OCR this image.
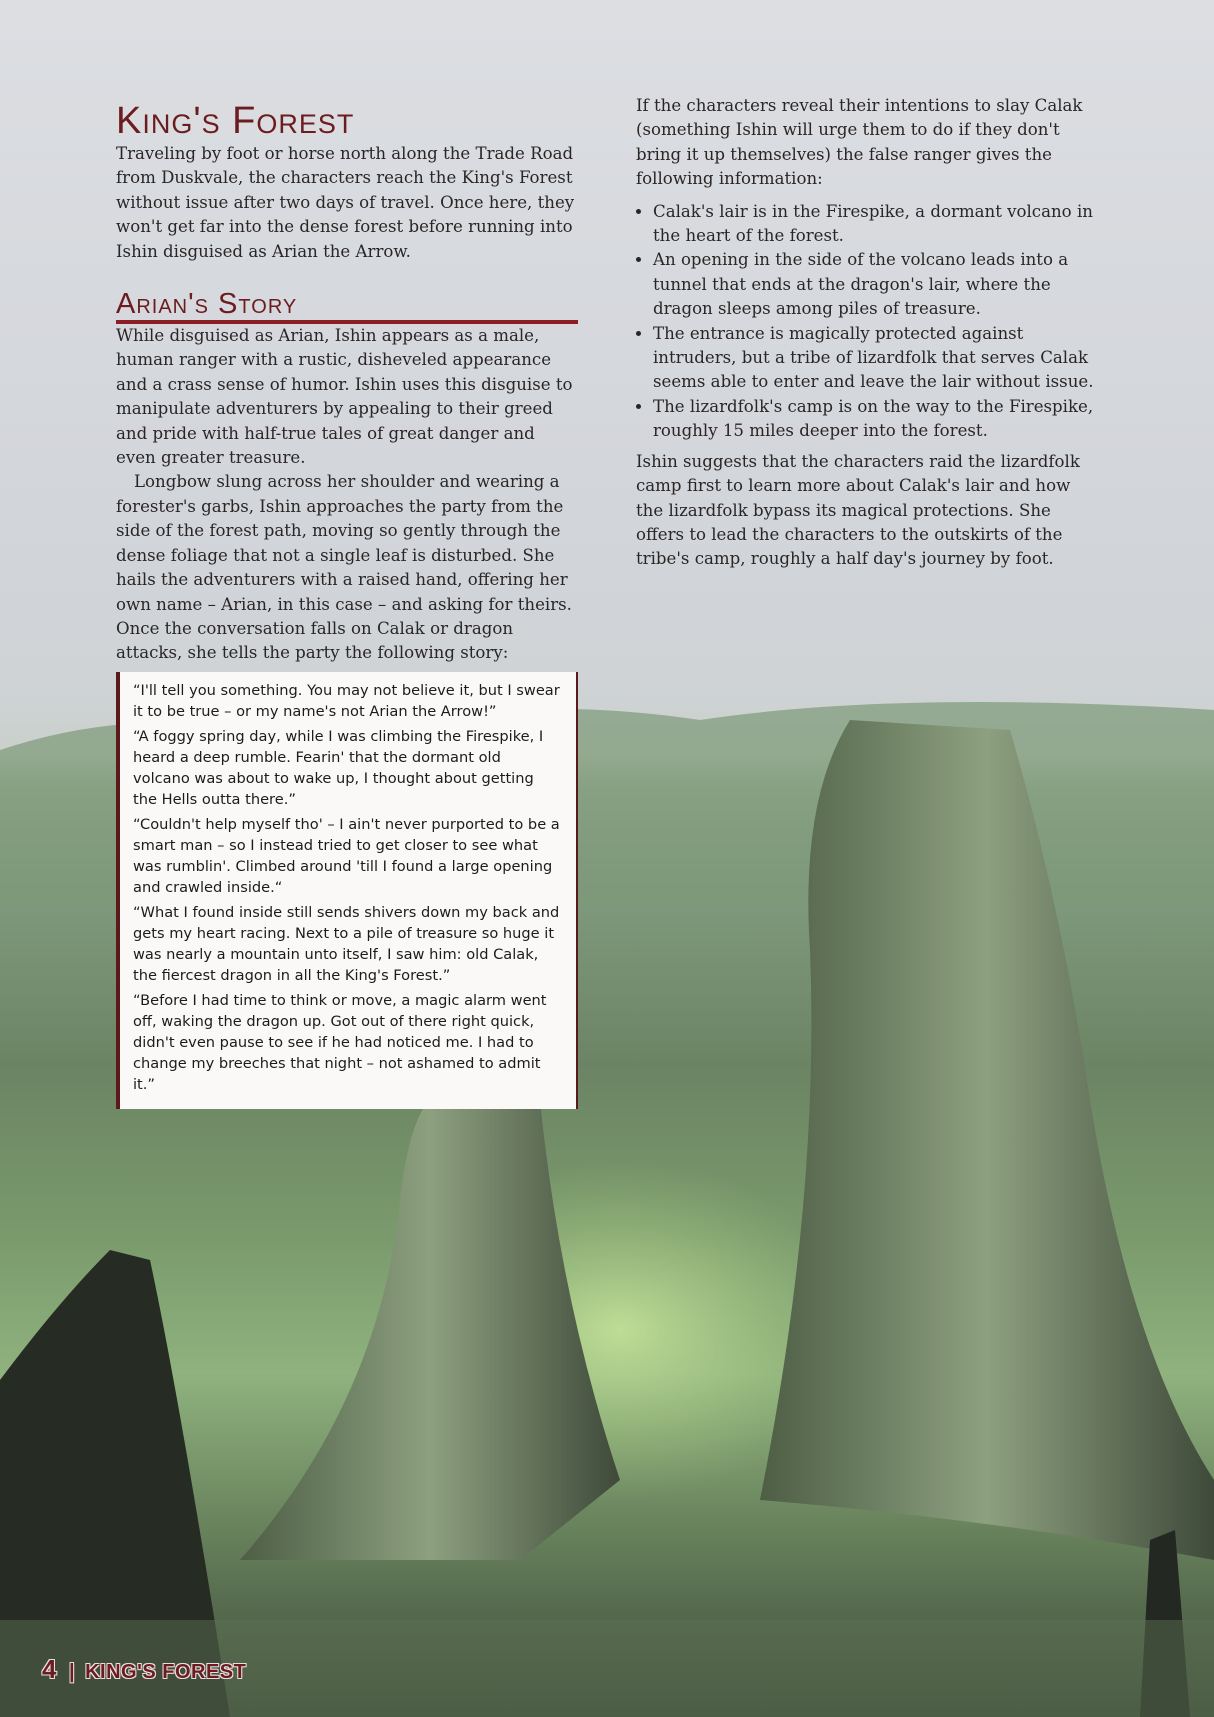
King's Forest

Traveling by foot or horse north along the Trade Road from Duskvale, the characters reach the King's Forest without issue after two days of travel. Once here, they won't get far into the dense forest before running into Ishin disguised as Arian the Arrow.

Arian's Story

While disguised as Arian, Ishin appears as a male, human ranger with a rustic, disheveled appearance and a crass sense of humor. Ishin uses this disguise to manipulate adventurers by appealing to their greed and pride with half-true tales of great danger and even greater treasure.

Longbow slung across her shoulder and wearing a forester's garbs, Ishin approaches the party from the side of the forest path, moving so gently through the dense foliage that not a single leaf is disturbed. She hails the adventurers with a raised hand, offering her own name – Arian, in this case – and asking for theirs. Once the conversation falls on Calak or dragon attacks, she tells the party the following story:

“I'll tell you something. You may not believe it, but I swear it to be true – or my name's not Arian the Arrow!”

“A foggy spring day, while I was climbing the Firespike, I heard a deep rumble. Fearin' that the dormant old volcano was about to wake up, I thought about getting the Hells outta there.”

“Couldn't help myself tho' – I ain't never purported to be a smart man – so I instead tried to get closer to see what was rumblin'. Climbed around 'till I found a large opening and crawled inside.“

“What I found inside still sends shivers down my back and gets my heart racing. Next to a pile of treasure so huge it was nearly a mountain unto itself, I saw him: old Calak, the fiercest dragon in all the King's Forest.”

“Before I had time to think or move, a magic alarm went off, waking the dragon up. Got out of there right quick, didn't even pause to see if he had noticed me. I had to change my breeches that night – not ashamed to admit it.”

If the characters reveal their intentions to slay Calak (something Ishin will urge them to do if they don't bring it up themselves) the false ranger gives the following information:

• Calak's lair is in the Firespike, a dormant volcano in the heart of the forest.
• An opening in the side of the volcano leads into a tunnel that ends at the dragon's lair, where the dragon sleeps among piles of treasure.
• The entrance is magically protected against intruders, but a tribe of lizardfolk that serves Calak seems able to enter and leave the lair without issue.
• The lizardfolk's camp is on the way to the Firespike, roughly 15 miles deeper into the forest.

Ishin suggests that the characters raid the lizardfolk camp first to learn more about Calak's lair and how the lizardfolk bypass its magical protections. She offers to lead the characters to the outskirts of the tribe's camp, roughly a half day's journey by foot.

4 | KING'S FOREST
